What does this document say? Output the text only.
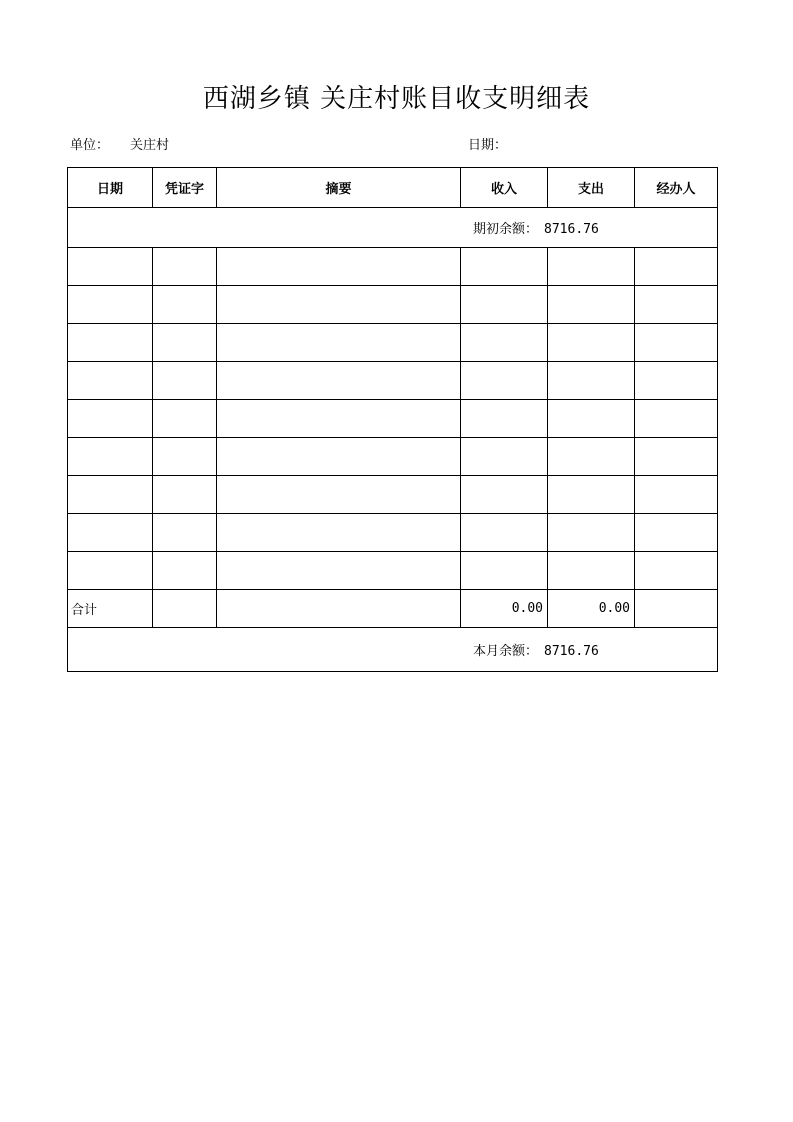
西湖乡镇 关庄村账目收支明细表
单位： 关庄村	日期：
日期	凭证字	摘要	收入	支出	经办人

期初余额： 8716.76					

合计			0.00	0.00	

本月余额： 8716.76					
